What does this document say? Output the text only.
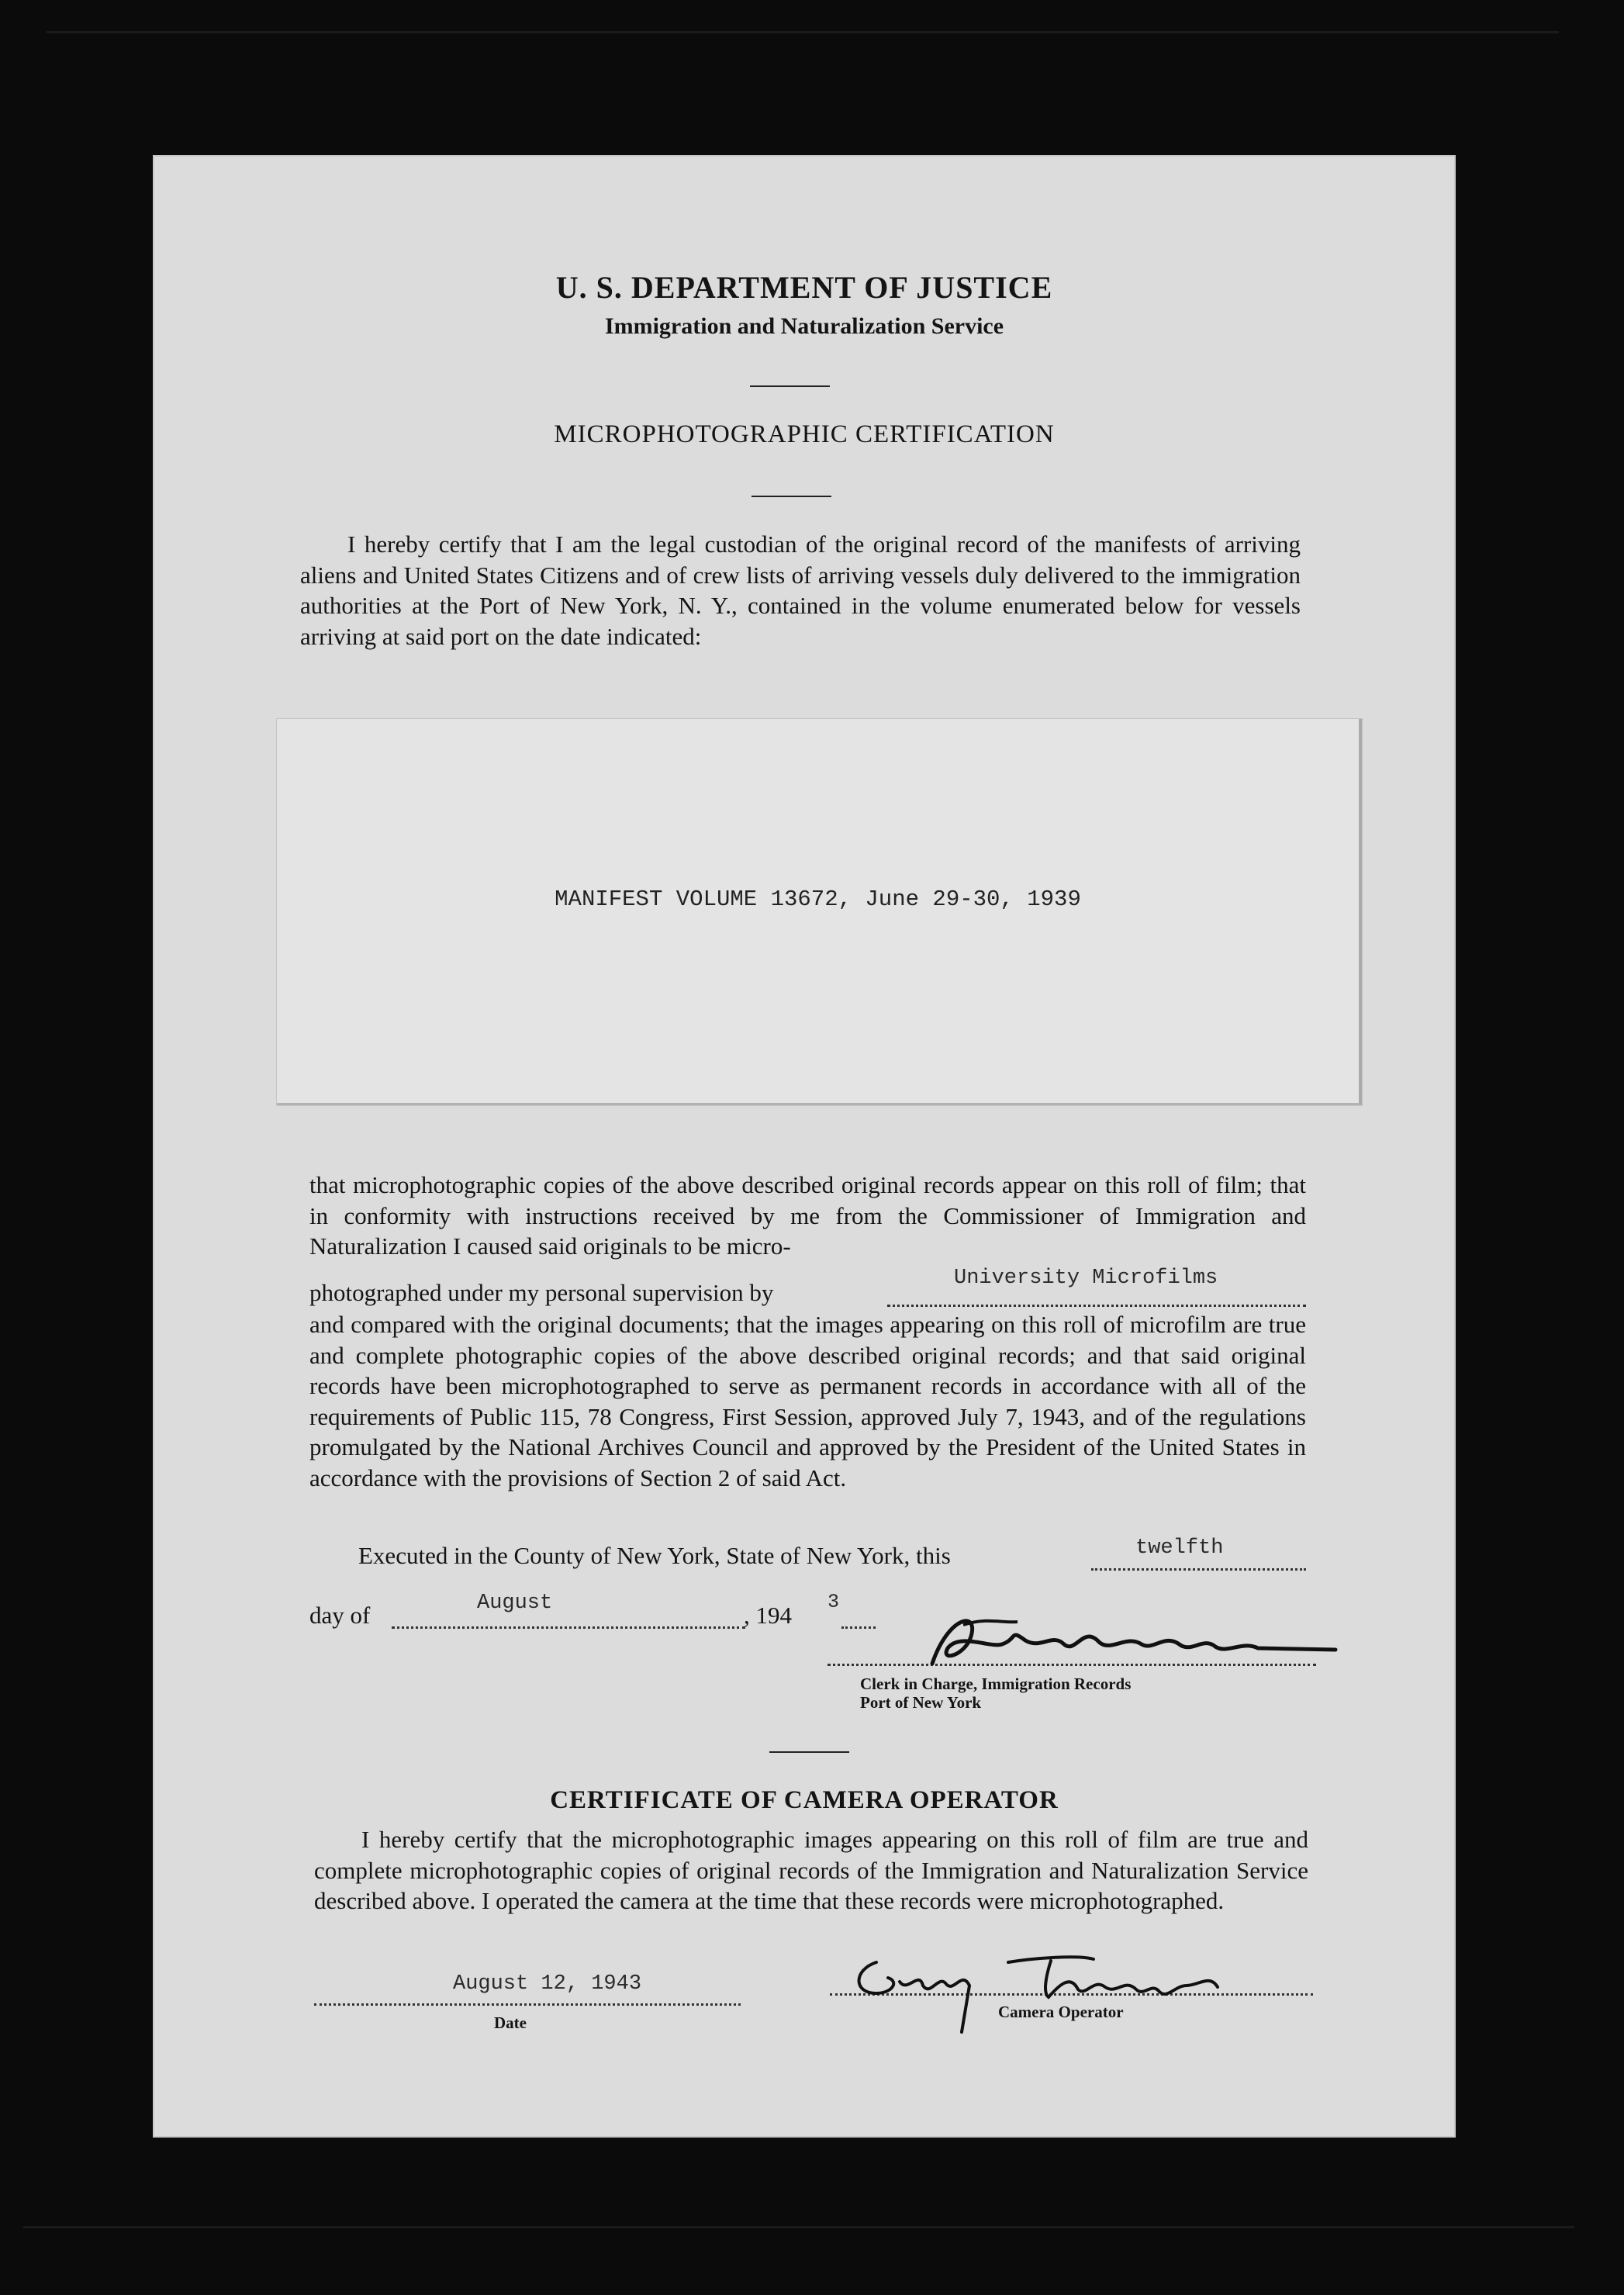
U. S. DEPARTMENT OF JUSTICE
Immigration and Naturalization Service
MICROPHOTOGRAPHIC CERTIFICATION
I hereby certify that I am the legal custodian of the original record of the manifests of arriving aliens and United States Citizens and of crew lists of arriving vessels duly delivered to the immigration authorities at the Port of New York, N. Y., contained in the volume enumerated below for vessels arriving at said port on the date indicated:
MANIFEST VOLUME 13672, June 29-30, 1939
that microphotographic copies of the above described original records appear on this roll of film; that in conformity with instructions received by me from the Commissioner of Immigration and Naturalization I caused said originals to be micro-
photographed under my personal supervision by
University Microfilms
and compared with the original documents; that the images appearing on this roll of microfilm are true and complete photographic copies of the above described original records; and that said original records have been microphotographed to serve as permanent records in accordance with all of the requirements of Public 115, 78 Congress, First Session, approved July 7, 1943, and of the regulations promulgated by the National Archives Council and approved by the President of the United States in accordance with the provisions of Section 2 of said Act.
Executed in the County of New York, State of New York, this	twelfth
day of	August	, 194 3
Clerk in Charge, Immigration Records
Port of New York
CERTIFICATE OF CAMERA OPERATOR
I hereby certify that the microphotographic images appearing on this roll of film are true and complete microphotographic copies of original records of the Immigration and Naturalization Service described above. I operated the camera at the time that these records were microphotographed.
August 12, 1943
Date
Camera Operator
